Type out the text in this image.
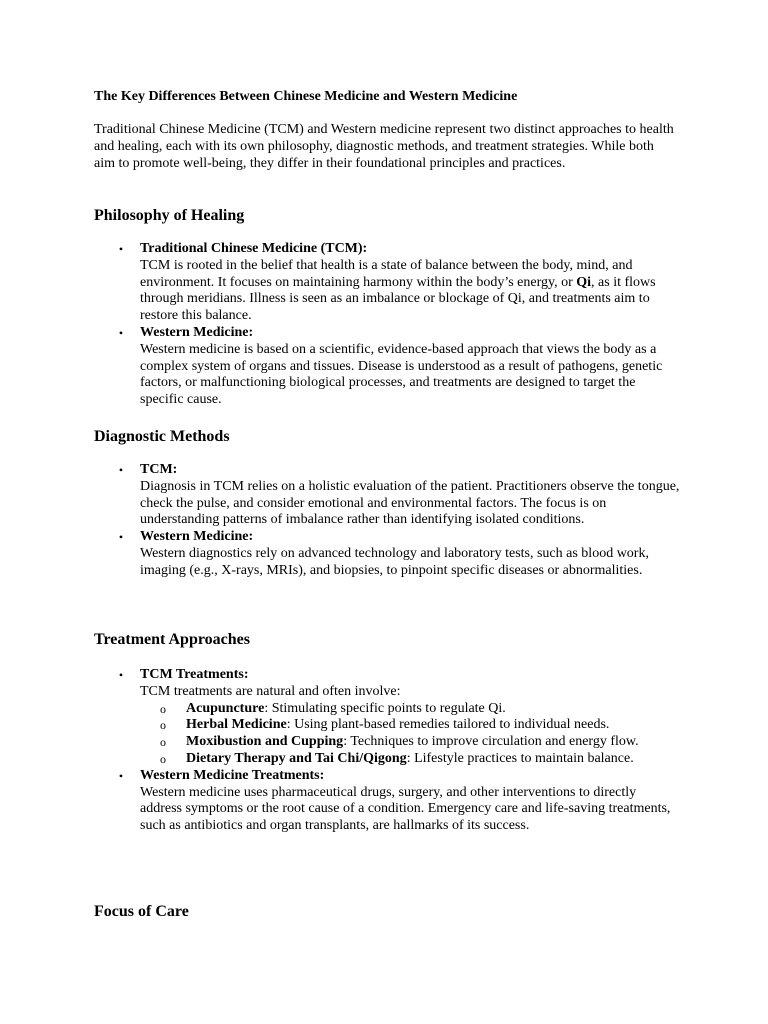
The Key Differences Between Chinese Medicine and Western Medicine

Traditional Chinese Medicine (TCM) and Western medicine represent two distinct approaches to health and healing, each with its own philosophy, diagnostic methods, and treatment strategies. While both aim to promote well-being, they differ in their foundational principles and practices.

Philosophy of Healing
• Traditional Chinese Medicine (TCM):
TCM is rooted in the belief that health is a state of balance between the body, mind, and environment. It focuses on maintaining harmony within the body’s energy, or Qi, as it flows through meridians. Illness is seen as an imbalance or blockage of Qi, and treatments aim to restore this balance.
• Western Medicine:
Western medicine is based on a scientific, evidence-based approach that views the body as a complex system of organs and tissues. Disease is understood as a result of pathogens, genetic factors, or malfunctioning biological processes, and treatments are designed to target the specific cause.
Diagnostic Methods
• TCM:
Diagnosis in TCM relies on a holistic evaluation of the patient. Practitioners observe the tongue, check the pulse, and consider emotional and environmental factors. The focus is on understanding patterns of imbalance rather than identifying isolated conditions.
• Western Medicine:
Western diagnostics rely on advanced technology and laboratory tests, such as blood work, imaging (e.g., X-rays, MRIs), and biopsies, to pinpoint specific diseases or abnormalities.
Treatment Approaches
• TCM Treatments:
TCM treatments are natural and often involve:
o Acupuncture: Stimulating specific points to regulate Qi.
o Herbal Medicine: Using plant-based remedies tailored to individual needs.
o Moxibustion and Cupping: Techniques to improve circulation and energy flow.
o Dietary Therapy and Tai Chi/Qigong: Lifestyle practices to maintain balance.
• Western Medicine Treatments:
Western medicine uses pharmaceutical drugs, surgery, and other interventions to directly address symptoms or the root cause of a condition. Emergency care and life-saving treatments, such as antibiotics and organ transplants, are hallmarks of its success.
Focus of Care
